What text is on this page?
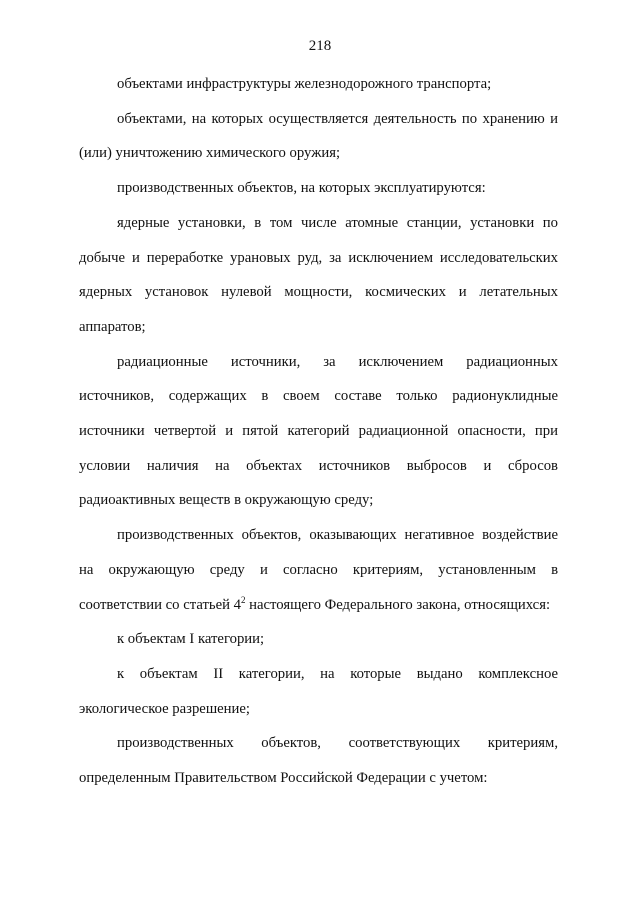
218

объектами инфраструктуры железнодорожного транспорта;

объектами, на которых осуществляется деятельность по хранению и (или) уничтожению химического оружия;

производственных объектов, на которых эксплуатируются:

ядерные установки, в том числе атомные станции, установки по добыче и переработке урановых руд, за исключением исследовательских ядерных установок нулевой мощности, космических и летательных аппаратов;

радиационные источники, за исключением радиационных источников, содержащих в своем составе только радионуклидные источники четвертой и пятой категорий радиационной опасности, при условии наличия на объектах источников выбросов и сбросов радиоактивных веществ в окружающую среду;

производственных объектов, оказывающих негативное воздействие на окружающую среду и согласно критериям, установленным в соответствии со статьей $4^2$ настоящего Федерального закона, относящихся:

к объектам I категории;

к объектам II категории, на которые выдано комплексное экологическое разрешение;

производственных объектов, соответствующих критериям, определенным Правительством Российской Федерации с учетом:
